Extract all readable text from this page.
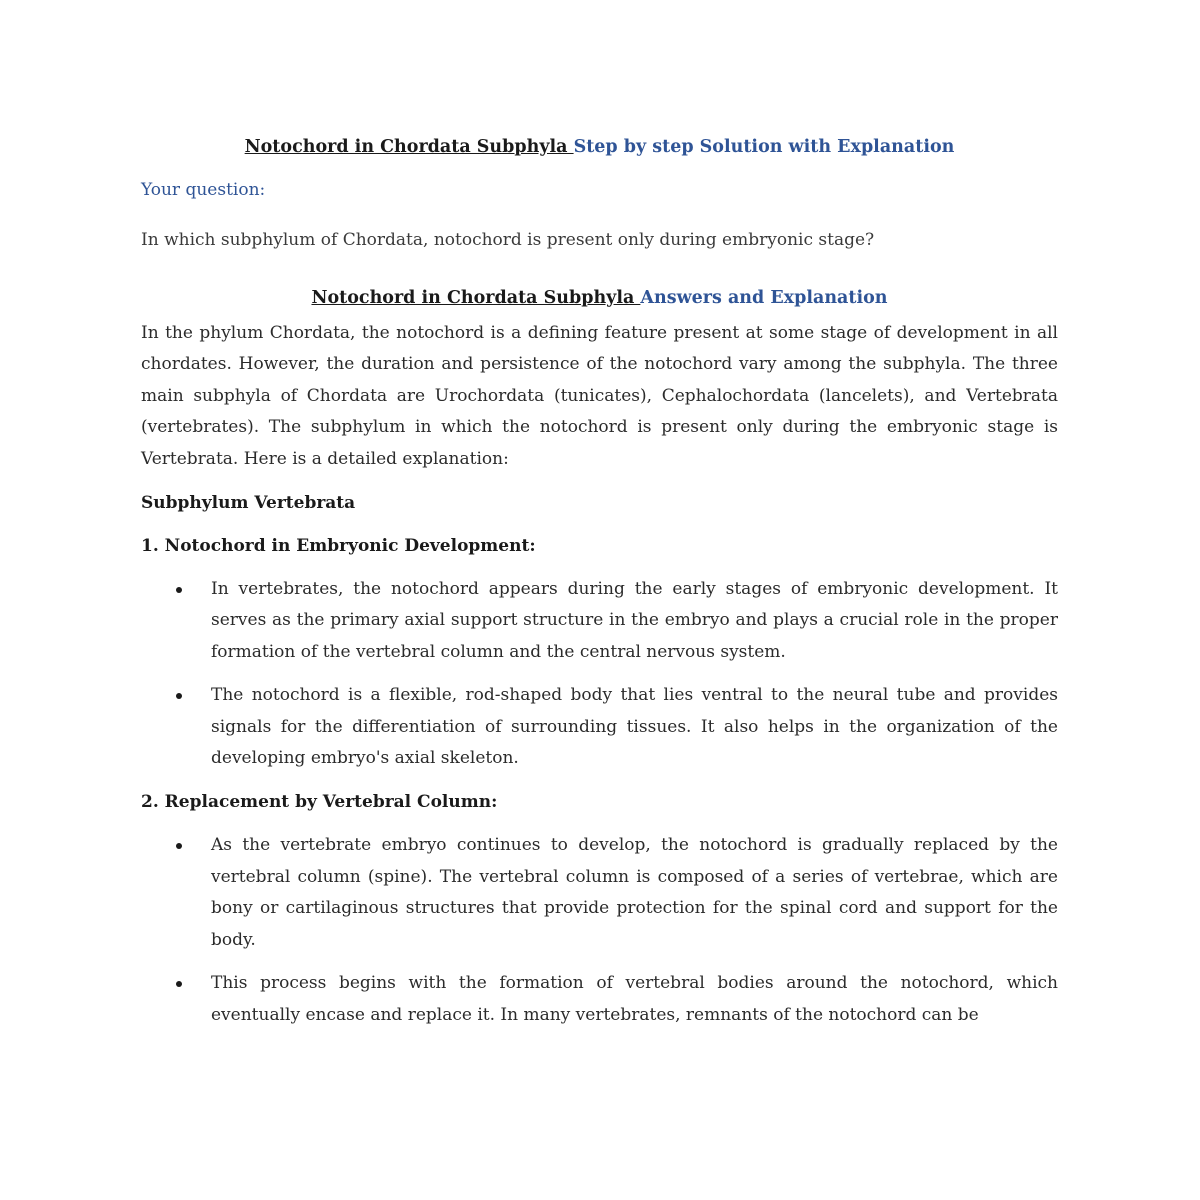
Notochord in Chordata Subphyla Step by step Solution with Explanation

Your question:

In which subphylum of Chordata, notochord is present only during embryonic stage?

Notochord in Chordata Subphyla Answers and Explanation

In the phylum Chordata, the notochord is a defining feature present at some stage of development in all chordates. However, the duration and persistence of the notochord vary among the subphyla. The three main subphyla of Chordata are Urochordata (tunicates), Cephalochordata (lancelets), and Vertebrata (vertebrates). The subphylum in which the notochord is present only during the embryonic stage is Vertebrata. Here is a detailed explanation:

Subphylum Vertebrata

1. Notochord in Embryonic Development:

In vertebrates, the notochord appears during the early stages of embryonic development. It serves as the primary axial support structure in the embryo and plays a crucial role in the proper formation of the vertebral column and the central nervous system.
The notochord is a flexible, rod-shaped body that lies ventral to the neural tube and provides signals for the differentiation of surrounding tissues. It also helps in the organization of the developing embryo's axial skeleton.

2. Replacement by Vertebral Column:

As the vertebrate embryo continues to develop, the notochord is gradually replaced by the vertebral column (spine). The vertebral column is composed of a series of vertebrae, which are bony or cartilaginous structures that provide protection for the spinal cord and support for the body.
This process begins with the formation of vertebral bodies around the notochord, which eventually encase and replace it. In many vertebrates, remnants of the notochord can be
